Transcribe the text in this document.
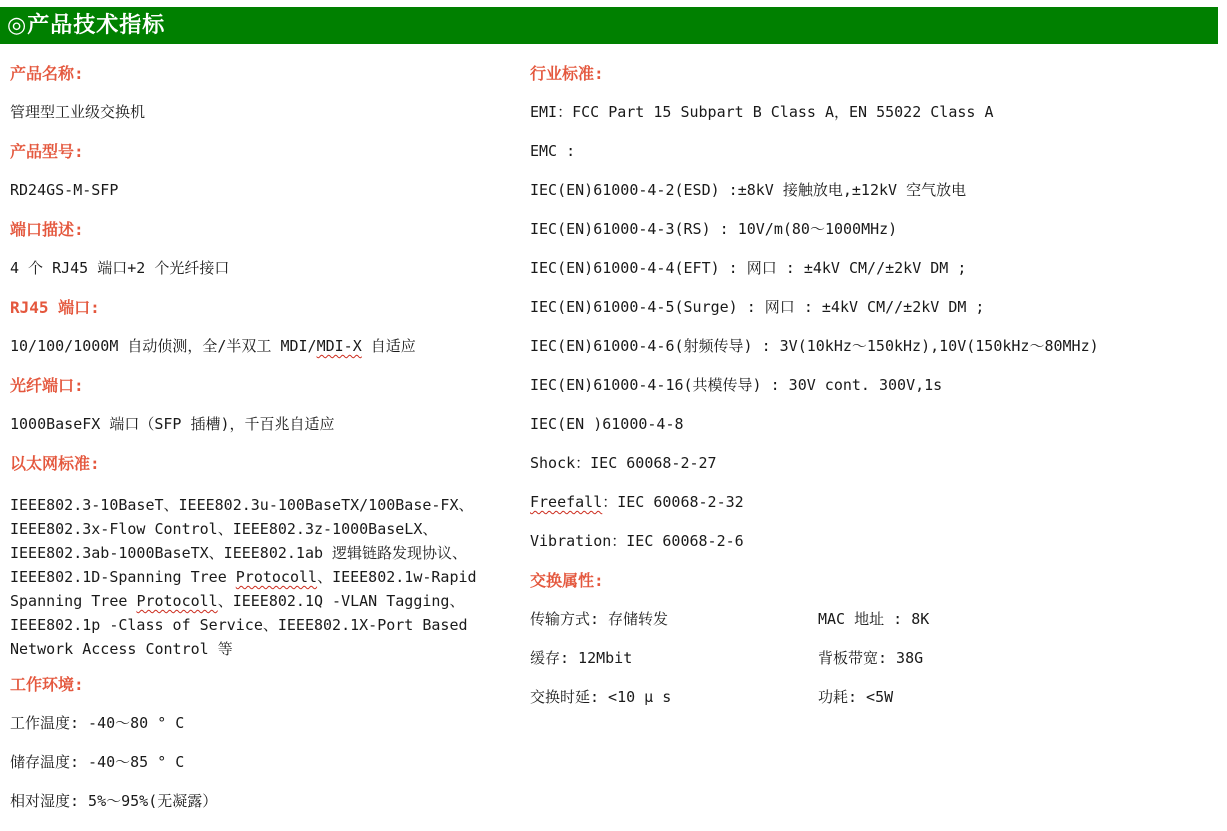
◎产品技术指标
产品名称:
管理型工业级交换机
产品型号:
RD24GS-M-SFP
端口描述:
4 个 RJ45 端口+2 个光纤接口
RJ45 端口:
10/100/1000M 自动侦测，全/半双工 MDI/MDI-X 自适应
光纤端口:
1000BaseFX 端口（SFP 插槽)，千百兆自适应
以太网标准:
IEEE802.3-10BaseT、IEEE802.3u-100BaseTX/100Base-FX、IEEE802.3x-Flow Control、IEEE802.3z-1000BaseLX、IEEE802.3ab-1000BaseTX、IEEE802.1ab 逻辑链路发现协议、IEEE802.1D-Spanning Tree Protocoll、IEEE802.1w-Rapid Spanning Tree Protocoll、IEEE802.1Q -VLAN Tagging、IEEE802.1p -Class of Service、IEEE802.1X-Port Based Network Access Control 等
工作环境:
工作温度: -40～80 ° C
储存温度: -40～85 ° C
相对湿度: 5%～95%(无凝露）
行业标准:
EMI：FCC Part 15 Subpart B Class A，EN 55022 Class A
EMC :
IEC(EN)61000-4-2(ESD) :±8kV 接触放电,±12kV 空气放电
IEC(EN)61000-4-3(RS) : 10V/m(80～1000MHz)
IEC(EN)61000-4-4(EFT) : 网口 : ±4kV CM//±2kV DM ;
IEC(EN)61000-4-5(Surge) : 网口 : ±4kV CM//±2kV DM ;
IEC(EN)61000-4-6(射频传导) : 3V(10kHz～150kHz),10V(150kHz～80MHz)
IEC(EN)61000-4-16(共模传导) : 30V cont. 300V,1s
IEC(EN )61000-4-8
Shock：IEC 60068-2-27
Freefall：IEC 60068-2-32
Vibration：IEC 60068-2-6
交换属性:
传输方式: 存储转发	MAC 地址 : 8K
缓存: 12Mbit	背板带宽: 38G
交换时延: <10 μ s	功耗: <5W
